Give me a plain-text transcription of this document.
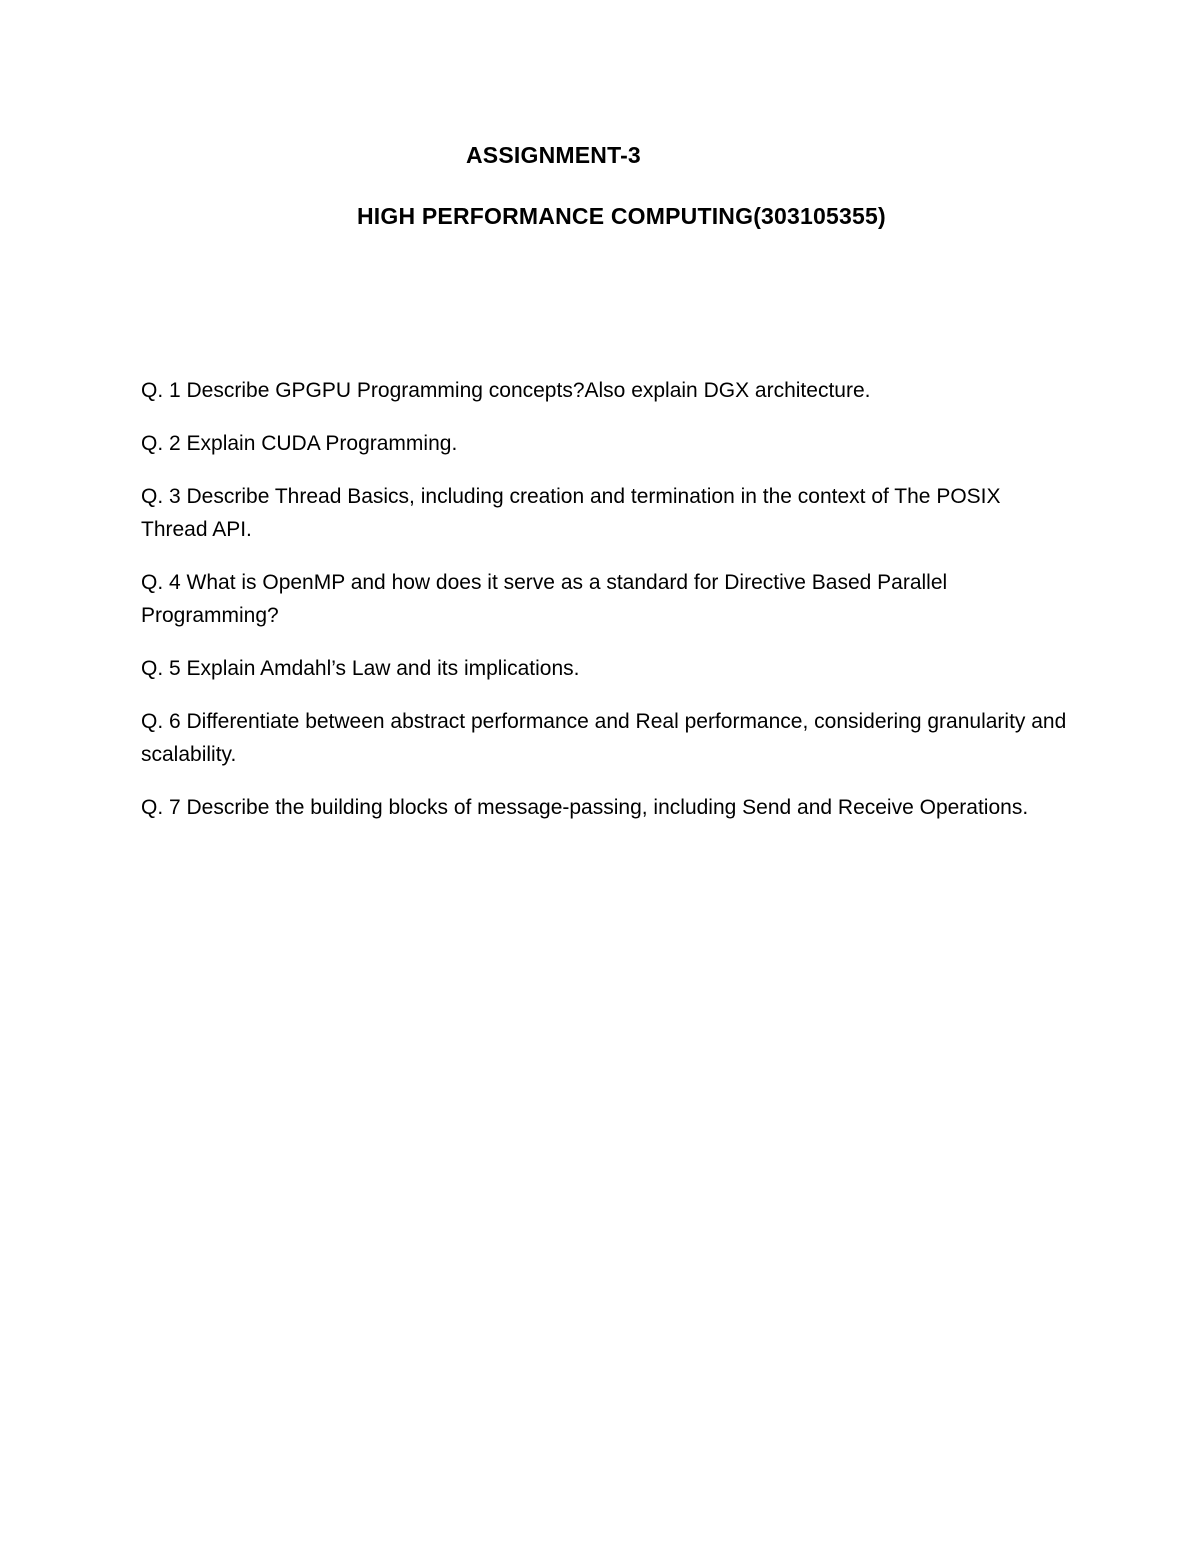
ASSIGNMENT-3
HIGH PERFORMANCE COMPUTING(303105355)
Q. 1 Describe GPGPU Programming concepts?Also explain DGX architecture.
Q. 2 Explain CUDA Programming.
Q. 3 Describe Thread Basics, including creation and termination in the context of The POSIX Thread API.
Q. 4 What is OpenMP and how does it serve as a standard for Directive Based Parallel Programming?
Q. 5 Explain Amdahl’s Law and its implications.
Q. 6 Differentiate between abstract performance and Real performance, considering granularity and scalability.
Q. 7 Describe the building blocks of message-passing, including Send and Receive Operations.
